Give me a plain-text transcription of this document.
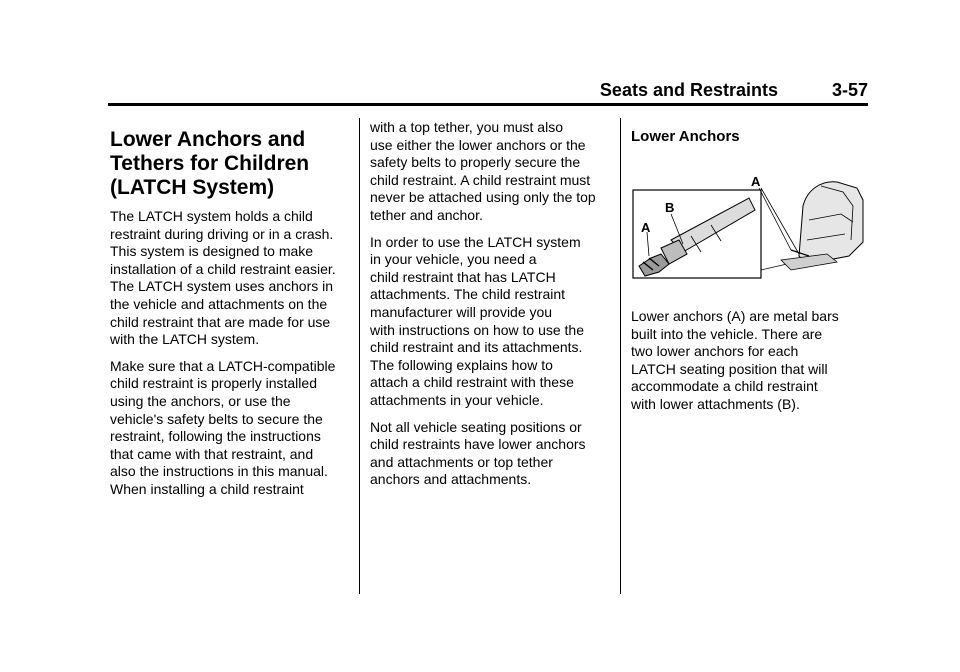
Seats and Restraints	3-57
Lower Anchors and
Tethers for Children
(LATCH System)

The LATCH system holds a child
restraint during driving or in a crash.
This system is designed to make
installation of a child restraint easier.
The LATCH system uses anchors in
the vehicle and attachments on the
child restraint that are made for use
with the LATCH system.

Make sure that a LATCH-compatible
child restraint is properly installed
using the anchors, or use the
vehicle's safety belts to secure the
restraint, following the instructions
that came with that restraint, and
also the instructions in this manual.
When installing a child restraint

with a top tether, you must also
use either the lower anchors or the
safety belts to properly secure the
child restraint. A child restraint must
never be attached using only the top
tether and anchor.

In order to use the LATCH system
in your vehicle, you need a
child restraint that has LATCH
attachments. The child restraint
manufacturer will provide you
with instructions on how to use the
child restraint and its attachments.
The following explains how to
attach a child restraint with these
attachments in your vehicle.

Not all vehicle seating positions or
child restraints have lower anchors
and attachments or top tether
anchors and attachments.

Lower Anchors
A
B
A

Lower anchors (A) are metal bars
built into the vehicle. There are
two lower anchors for each
LATCH seating position that will
accommodate a child restraint
with lower attachments (B).
